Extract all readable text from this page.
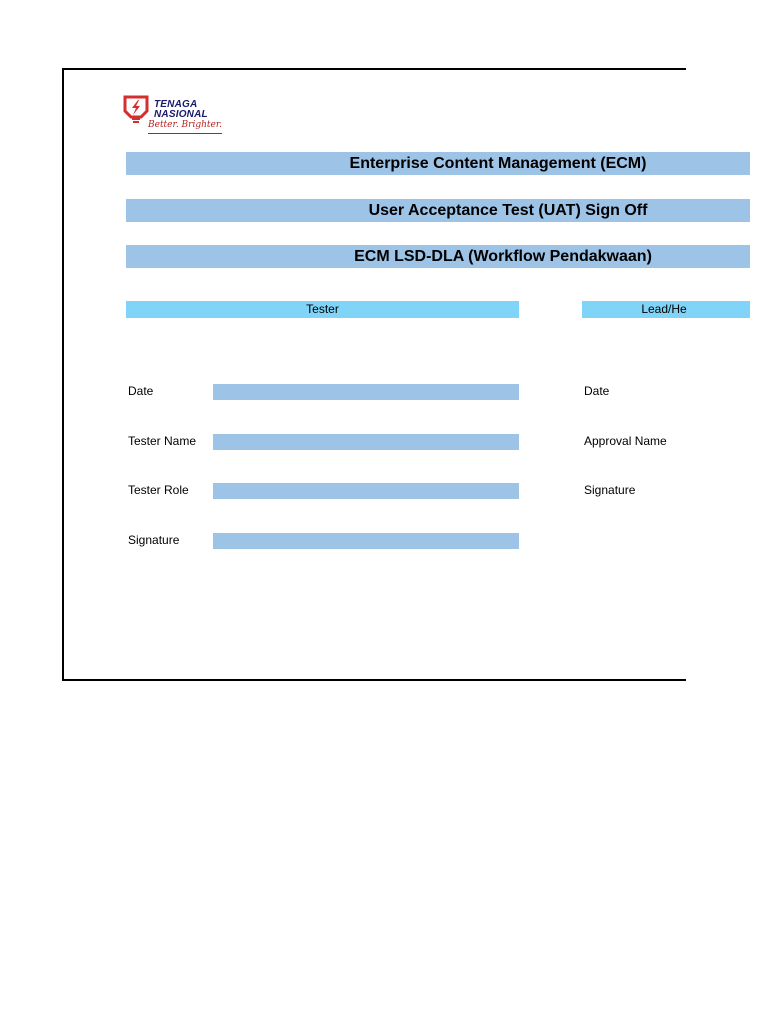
TENAGA
NASIONAL
Better. Brighter.
Enterprise Content Management (ECM)
User Acceptance Test (UAT) Sign Off
ECM LSD-DLA (Workflow Pendakwaan)
Tester	Lead/He
Date
Tester Name
Tester Role
Signature
Date
Approval Name
Signature
